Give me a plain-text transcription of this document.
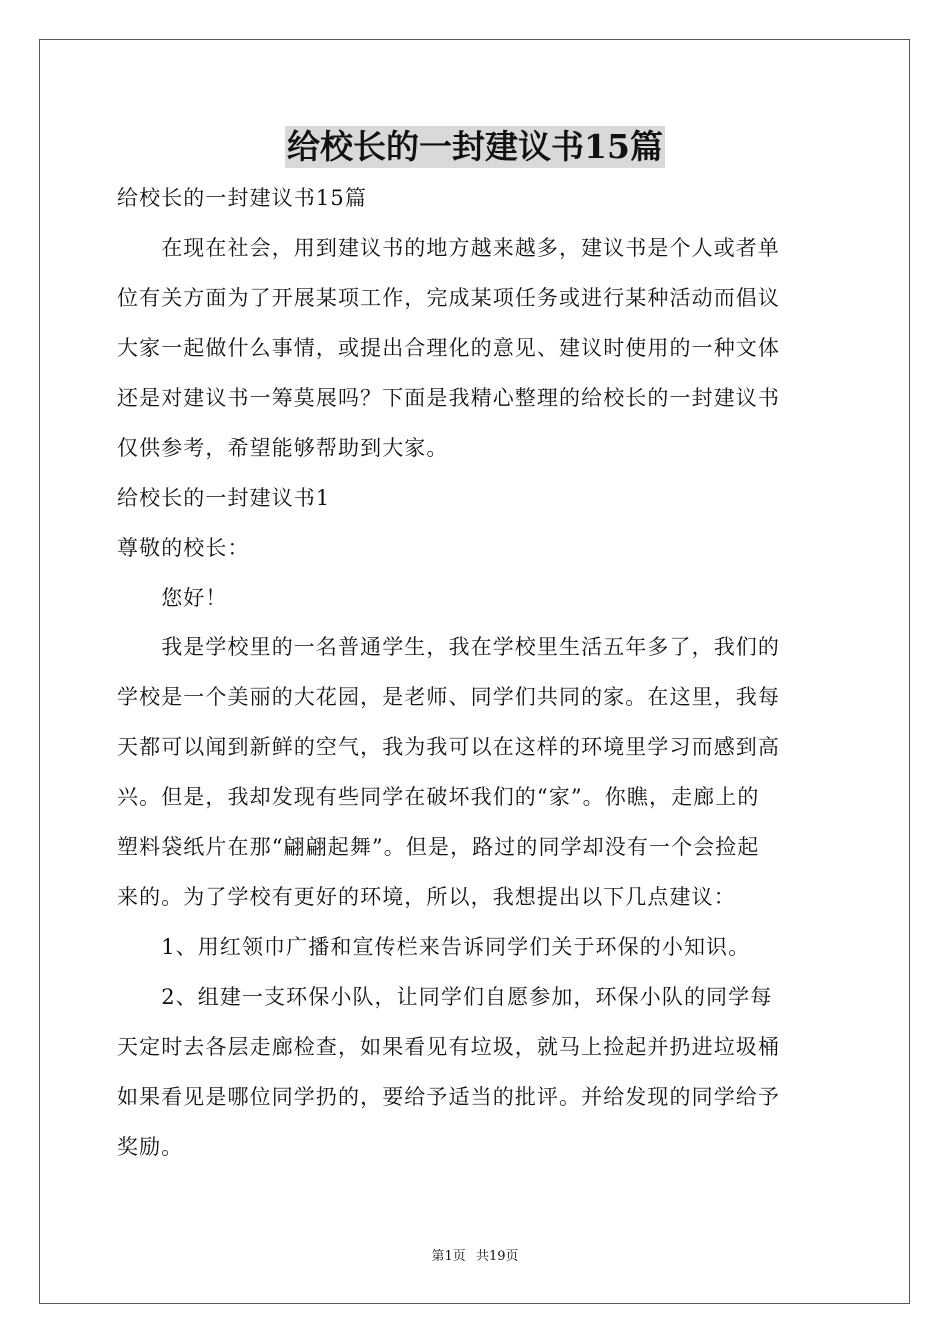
给校长的一封建议书15篇
给校长的一封建议书15篇
　　在现在社会，用到建议书的地方越来越多，建议书是个人或者单
位有关方面为了开展某项工作，完成某项任务或进行某种活动而倡议
大家一起做什么事情，或提出合理化的意见、建议时使用的一种文体
还是对建议书一筹莫展吗？下面是我精心整理的给校长的一封建议书
仅供参考，希望能够帮助到大家。
给校长的一封建议书1
尊敬的校长：
　　您好！
　　我是学校里的一名普通学生，我在学校里生活五年多了，我们的
学校是一个美丽的大花园，是老师、同学们共同的家。在这里，我每
天都可以闻到新鲜的空气，我为我可以在这样的环境里学习而感到高
兴。但是，我却发现有些同学在破坏我们的“家”。你瞧，走廊上的
塑料袋纸片在那“翩翩起舞”。但是，路过的同学却没有一个会捡起
来的。为了学校有更好的环境，所以，我想提出以下几点建议：
　　1、用红领巾广播和宣传栏来告诉同学们关于环保的小知识。
　　2、组建一支环保小队，让同学们自愿参加，环保小队的同学每
天定时去各层走廊检查，如果看见有垃圾，就马上捡起并扔进垃圾桶
如果看见是哪位同学扔的，要给予适当的批评。并给发现的同学给予
奖励。
第1页 共19页
